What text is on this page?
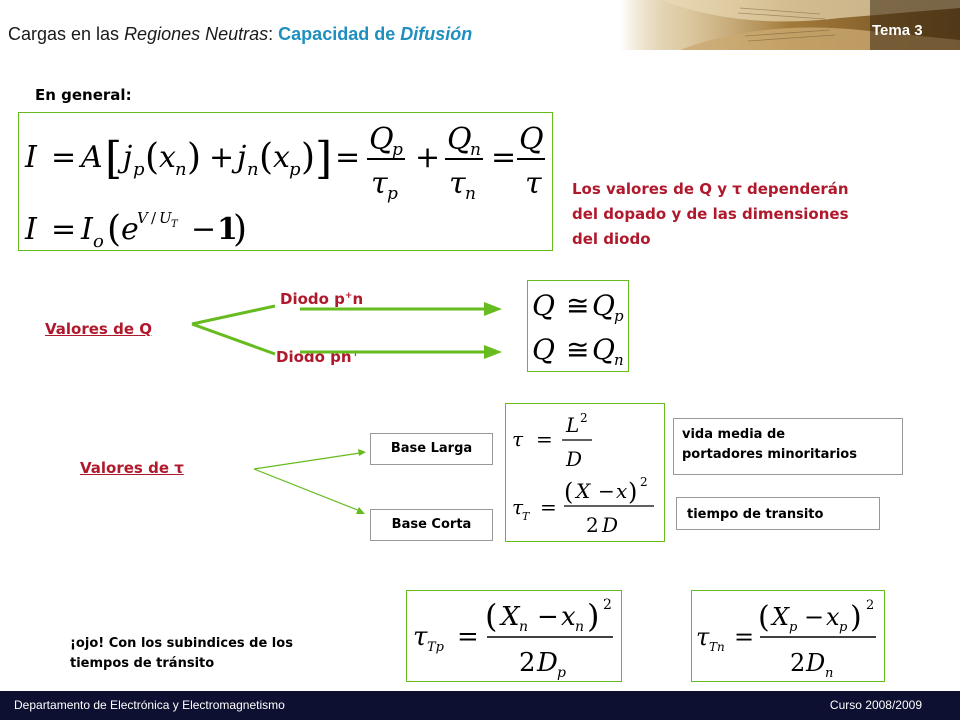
Cargas en las Regiones Neutras: Capacidad de Difusión	Tema 3
En general:
I = A [ j p ( x n ) + j n ( x p ) ] =
Q
p
τ p
+
Q
n
τ n
=
Q
τ
I = I o ( e
V / U T − 1
)
Los valores de Q y τ dependerán
del dopado y de las dimensiones
del diodo
Valores de Q
Diodo p+n
Diodo pn+
Q ≅ Q p
Q ≅ Q n
Valores de τ
Base Larga
Base Corta
τ =
L 2
D
τ
T =
( X − x ) 2
2 D
vida media de
portadores minoritarios
tiempo de transito
¡ojo! Con los subindices de los
tiempos de tránsito
τ Tp =
( X n − x n ) 2
2 D p
τ Tn =
( X p − x p ) 2
2 D n
Departamento de Electrónica y Electromagnetismo	Curso 2008/2009
